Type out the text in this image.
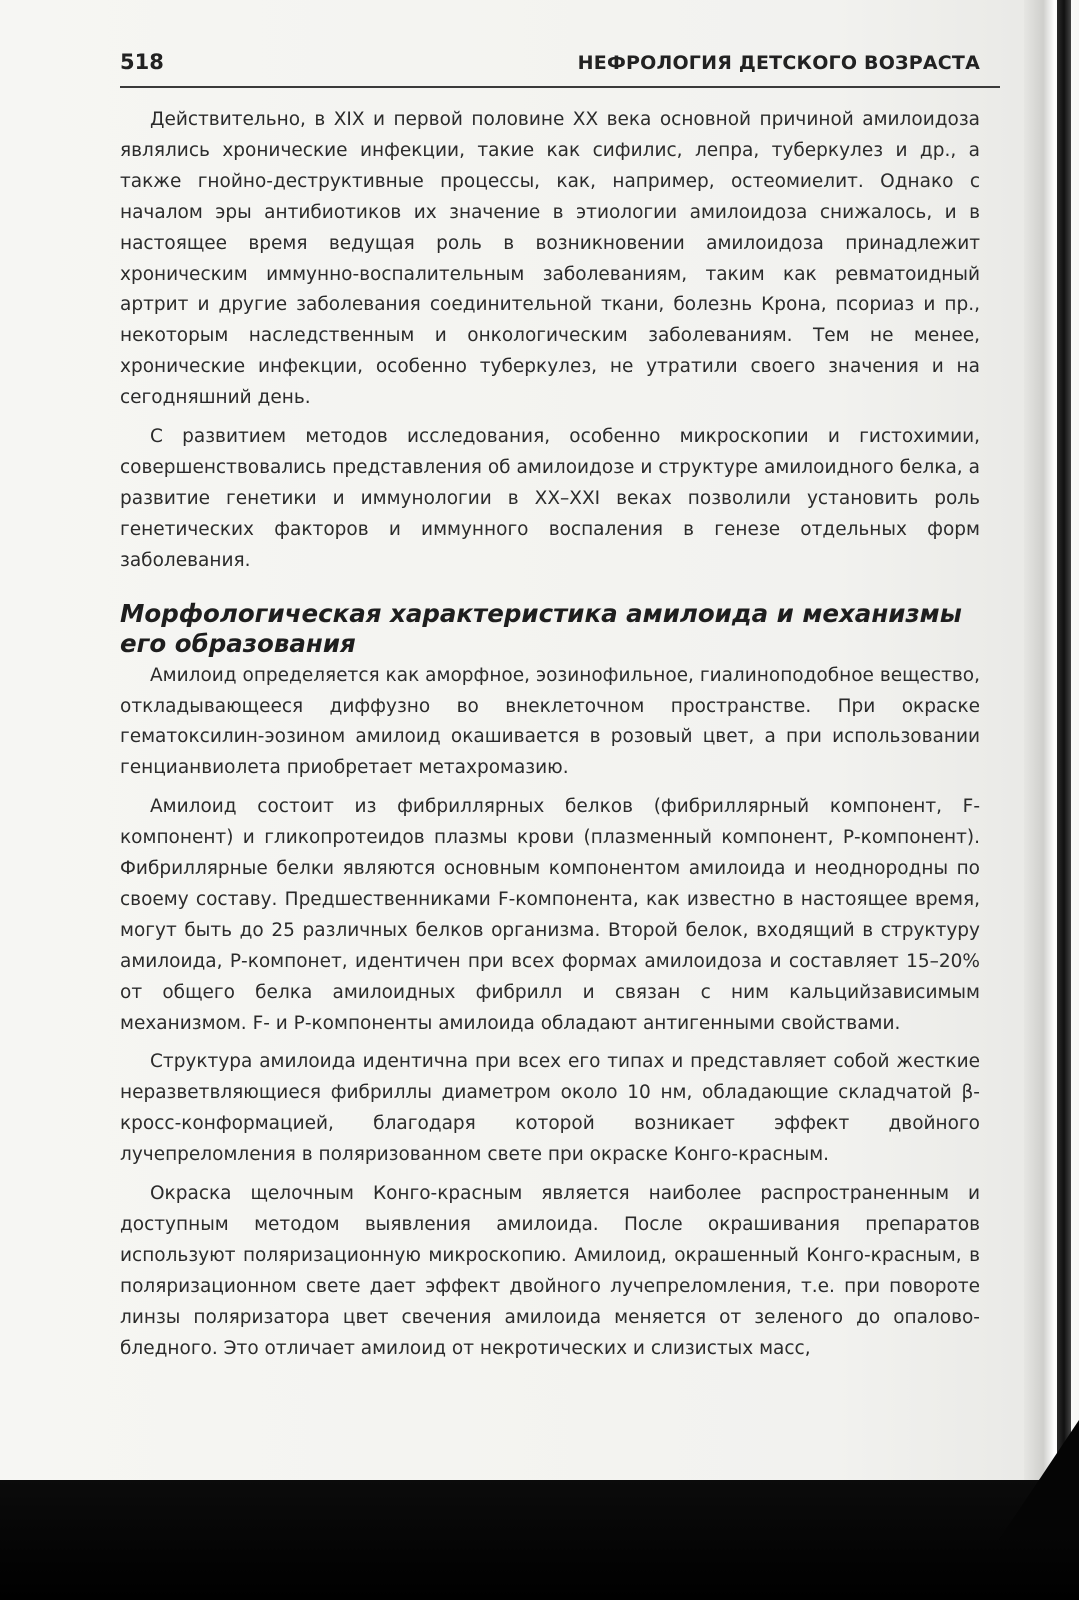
518	НЕФРОЛОГИЯ ДЕТСКОГО ВОЗРАСТА

Действительно, в XIX и первой половине XX века основной причиной амилоидоза являлись хронические инфекции, такие как сифилис, лепра, туберкулез и др., а также гнойно-деструктивные процессы, как, например, остеомиелит. Однако с началом эры антибиотиков их значение в этиологии амилоидоза снижалось, и в настоящее время ведущая роль в возникновении амилоидоза принадлежит хроническим иммунно-воспалительным заболеваниям, таким как ревматоидный артрит и другие заболевания соединительной ткани, болезнь Крона, псориаз и пр., некоторым наследственным и онкологическим заболеваниям. Тем не менее, хронические инфекции, особенно туберкулез, не утратили своего значения и на сегодняшний день.

С развитием методов исследования, особенно микроскопии и гистохимии, совершенствовались представления об амилоидозе и структуре амилоидного белка, а развитие генетики и иммунологии в XX–XXI веках позволили установить роль генетических факторов и иммунного воспаления в генезе отдельных форм заболевания.

Морфологическая характеристика амилоида и механизмы его образования

Амилоид определяется как аморфное, эозинофильное, гиалиноподобное вещество, откладывающееся диффузно во внеклеточном пространстве. При окраске гематоксилин-эозином амилоид окашивается в розовый цвет, а при использовании генцианвиолета приобретает метахромазию.

Амилоид состоит из фибриллярных белков (фибриллярный компонент, F-компонент) и гликопротеидов плазмы крови (плазменный компонент, Р-компонент). Фибриллярные белки являются основным компонентом амилоида и неоднородны по своему составу. Предшественниками F-компонента, как известно в настоящее время, могут быть до 25 различных белков организма. Второй белок, входящий в структуру амилоида, Р-компонет, идентичен при всех формах амилоидоза и составляет 15–20% от общего белка амилоидных фибрилл и связан с ним кальцийзависимым механизмом. F- и Р-компоненты амилоида обладают антигенными свойствами.

Структура амилоида идентична при всех его типах и представляет собой жесткие неразветвляющиеся фибриллы диаметром около 10 нм, обладающие складчатой β-кросс-конформацией, благодаря которой возникает эффект двойного лучепреломления в поляризованном свете при окраске Конго-красным.

Окраска щелочным Конго-красным является наиболее распространенным и доступным методом выявления амилоида. После окрашивания препаратов используют поляризационную микроскопию. Амилоид, окрашенный Конго-красным, в поляризационном свете дает эффект двойного лучепреломления, т.е. при повороте линзы поляризатора цвет свечения амилоида меняется от зеленого до опалово-бледного. Это отличает амилоид от некротических и слизистых масс,
